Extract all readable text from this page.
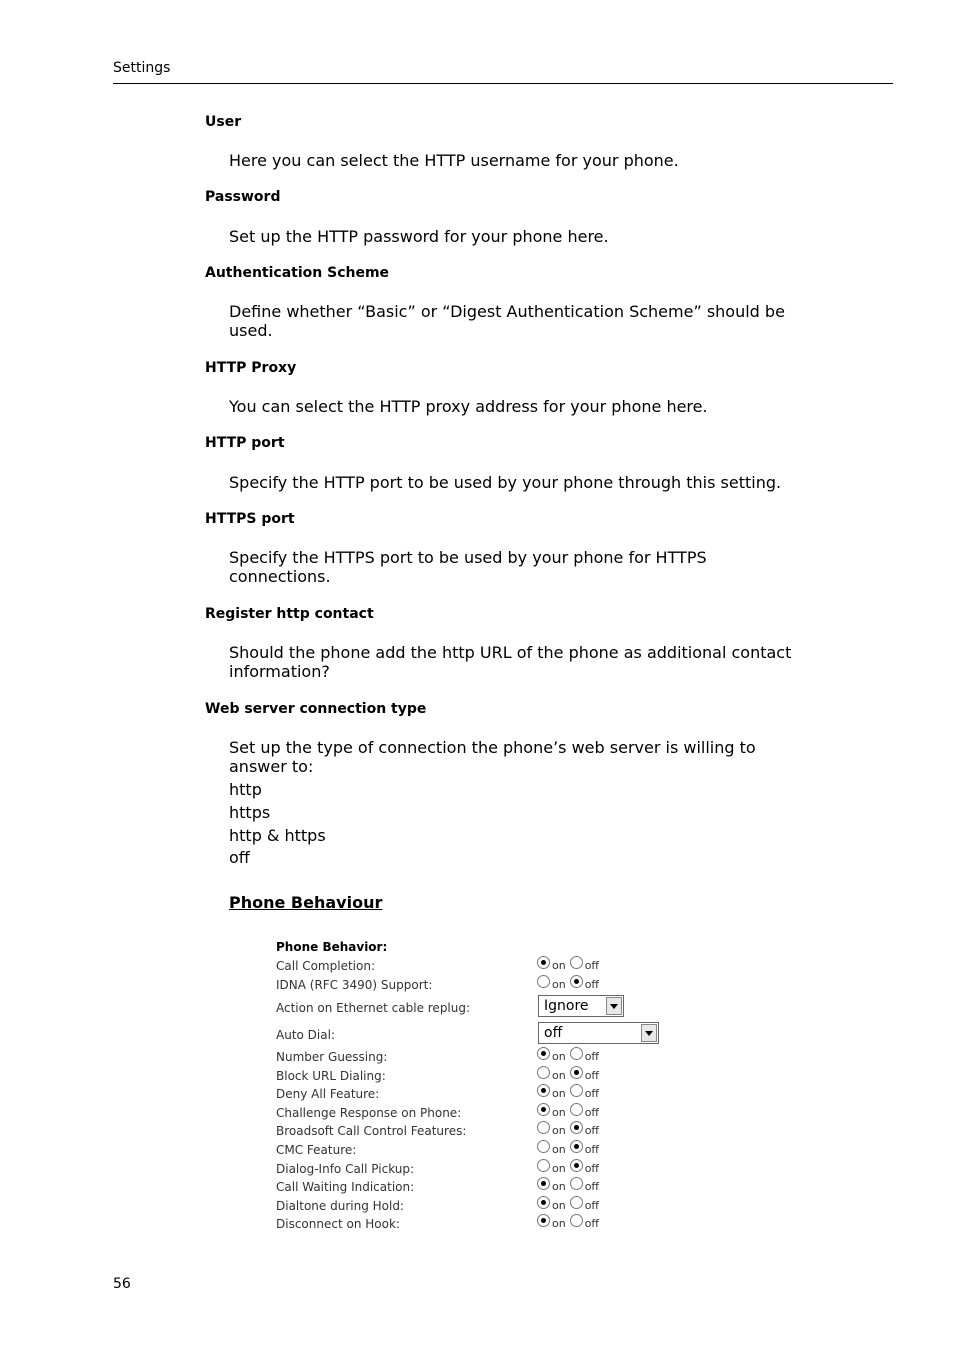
Settings
User
Here you can select the HTTP username for your phone.
Password
Set up the HTTP password for your phone here.
Authentication Scheme
Define whether “Basic” or “Digest Authentication Scheme” should be used.
HTTP Proxy
You can select the HTTP proxy address for your phone here.
HTTP port
Specify the HTTP port to be used by your phone through this setting.
HTTPS port
Specify the HTTPS port to be used by your phone for HTTPS connections.
Register http contact
Should the phone add the http URL of the phone as additional contact information?
Web server connection type
Set up the type of connection the phone’s web server is willing to answer to:
http
https
http & https
off
Phone Behaviour
Phone Behavior:
Call Completion:	on off
IDNA (RFC 3490) Support:	on off
Action on Ethernet cable replug:	Ignore
Auto Dial:	off
Number Guessing:	on off
Block URL Dialing:	on off
Deny All Feature:	on off
Challenge Response on Phone:	on off
Broadsoft Call Control Features:	on off
CMC Feature:	on off
Dialog-Info Call Pickup:	on off
Call Waiting Indication:	on off
Dialtone during Hold:	on off
Disconnect on Hook:	on off
56
